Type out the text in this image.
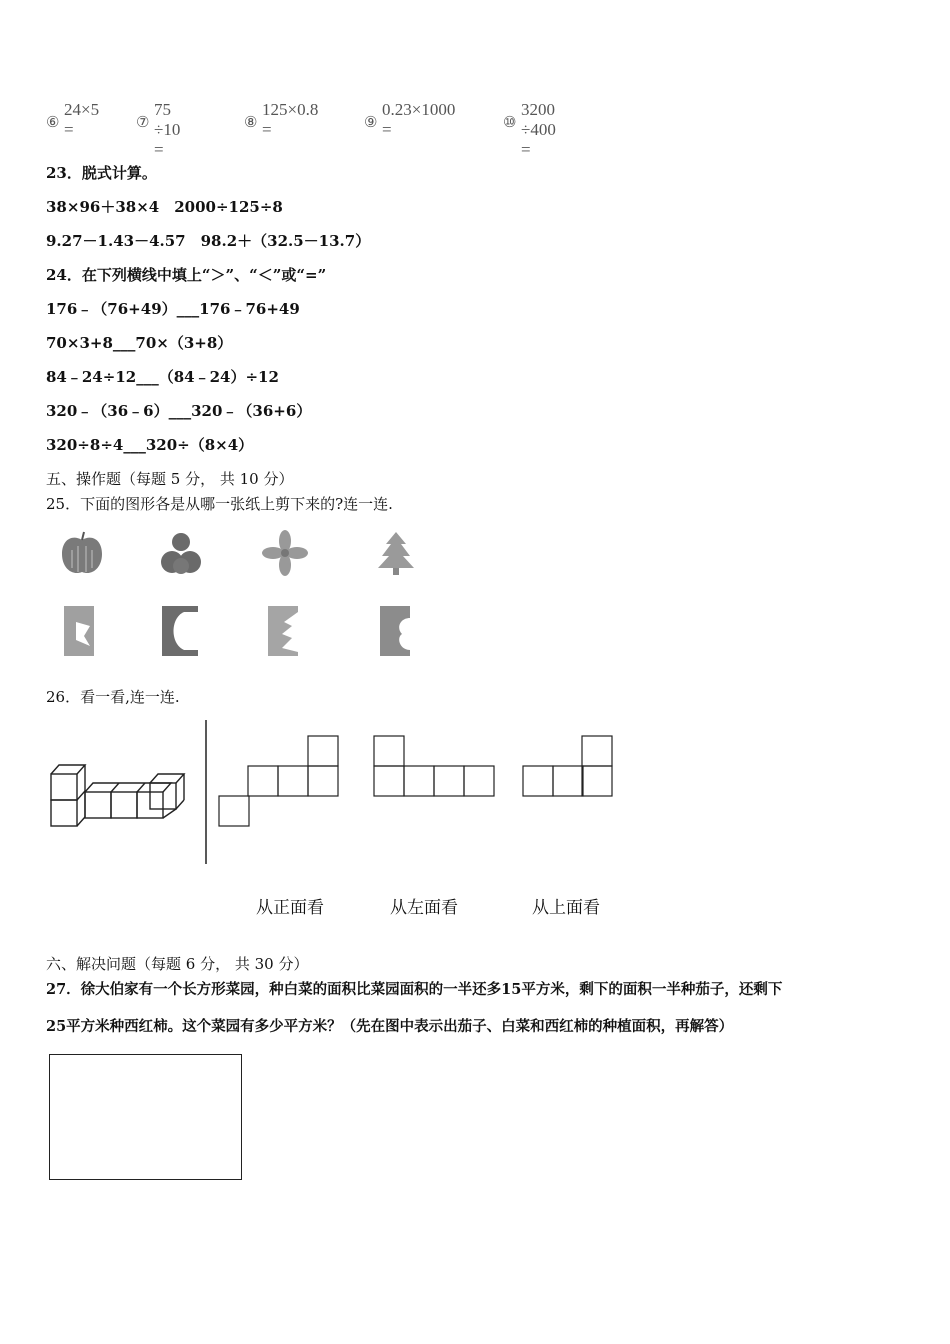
⑥
24×5 =	⑦
75 ÷10 =
⑧
125×0.8 =	⑨
0.23×1000 =	⑩
3200 ÷400 =
23．脱式计算。
38×96＋38×4　2000÷125÷8
9.27－1.43－4.57　98.2＋（32.5－13.7）
24．在下列横线中填上“＞”、“＜”或“=”
176﹣（76+49）___176﹣76+49
70×3+8___70×（3+8）
84﹣24÷12___（84﹣24）÷12
320﹣（36﹣6）___320﹣（36+6）
320÷8÷4___320÷（8×4）
五、操作题（每题 5 分， 共 10 分）
25．下面的图形各是从哪一张纸上剪下来的?连一连.
26．看一看,连一连.
从正面看	从左面看	从上面看
六、解决问题（每题 6 分， 共 30 分）
27．徐大伯家有一个长方形菜园，种白菜的面积比菜园面积的一半还多15平方米，剩下的面积一半种茄子，还剩下
25平方米种西红柿。这个菜园有多少平方米？（先在图中表示出茄子、白菜和西红柿的种植面积，再解答）
